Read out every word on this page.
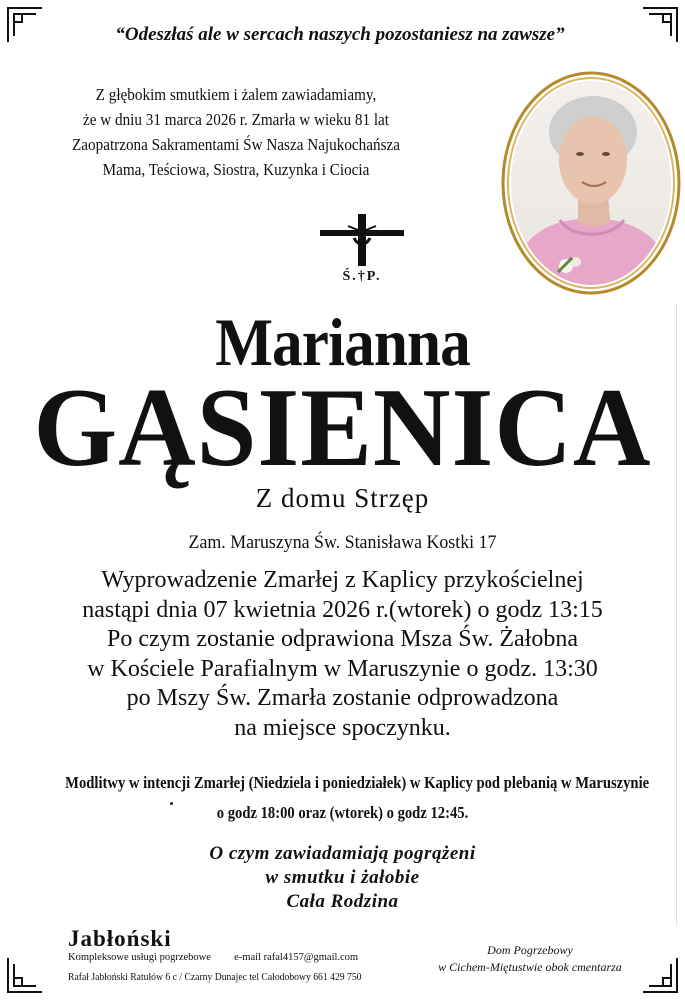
“Odeszłaś ale w sercach naszych pozostaniesz na zawsze”
Z głębokim smutkiem i żalem zawiadamiamy,
że w dniu 31 marca 2026 r. Zmarła w wieku 81 lat
Zaopatrzona Sakramentami Św Nasza Najukochańsza
Mama, Teściowa, Siostra, Kuzynka i Ciocia
Ś.†P.
Marianna
GĄSIENICA
Z domu Strzęp
Zam. Maruszyna Św. Stanisława Kostki 17
Wyprowadzenie Zmarłej z Kaplicy przykościelnej
nastąpi dnia 07 kwietnia 2026 r.(wtorek) o godz 13:15
Po czym zostanie odprawiona Msza Św. Żałobna
w Kościele Parafialnym w Maruszynie o godz. 13:30
po Mszy Św. Zmarła zostanie odprowadzona
na miejsce spoczynku.
Modlitwy w intencji Zmarłej (Niedziela i poniedziałek) w Kaplicy pod plebanią w Maruszynie
o godz 18:00 oraz (wtorek) o godz 12:45.
O czym zawiadamiają pogrążeni
w smutku i żałobie
Cała Rodzina
Jabłoński
Kompleksowe usługi pogrzebowe e-mail rafal4157@gmail.com
Rafał Jabłoński Ratułów 6 c / Czarny Dunajec tel Całodobowy 661 429 750
Dom Pogrzebowy
w Cichem-Miętustwie obok cmentarza
